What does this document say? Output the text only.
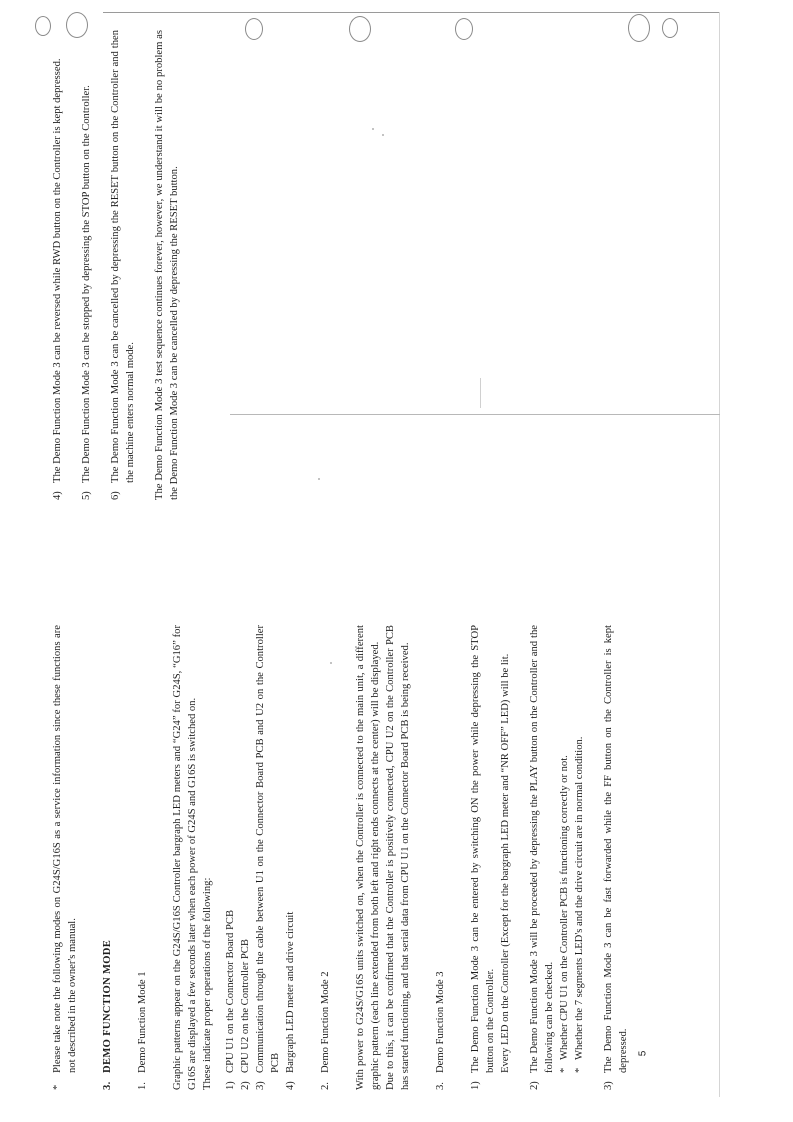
*
Please take note the following modes on G24S/G16S as a service information since these functions are not described in the owner's manual.
3.
DEMO FUNCTION MODE
1.
Demo Function Mode 1 Graphic patterns appear on the G24S/G16S Controller bargraph LED meters and “G24” for G24S, “G16” for G16S are displayed a few seconds later when each power of G24S and G16S is switched on. These indicate proper operations of the following: 1)
CPU U1 on the Connector Board PCB
2)
CPU U2 on the Controller PCB
3)
Communication through the cable between U1 on the Connector Board PCB and U2 on the Controller PCB
4)
Bargraph LED meter and drive circuit
2.
Demo Function Mode 2 With power to G24S/G16S units switched on, when the Controller is connected to the main unit, a different graphic pattern (each line extended from both left and right ends connects at the center) will be displayed. Due to this, it can be confirmed that the Controller is positively connected, CPU U2 on the Controller PCB has started functioning, and that serial data from CPU U1 on the Connector Board PCB is being received. 3.
Demo Function Mode 3
1)
The Demo Function Mode 3 can be entered by switching ON the power while depressing the STOP button on the Controller. Every LED on the Controller (Except for the bargraph LED meter and “NR OFF” LED) will be lit.
2)
The Demo Function Mode 3 will be proceeded by depressing the PLAY button on the Controller and the following can be checked. *
Whether CPU U1 on the Controller PCB is functioning correctly or not.
*
Whether the 7 segments LED's and the drive circuit are in normal condition.
3)
The Demo Function Mode 3 can be fast forwarded while the FF button on the Controller is kept depressed.
4)
The Demo Function Mode 3 can be reversed while RWD button on the Controller is kept depressed.
5)
The Demo Function Mode 3 can be stopped by depressing the STOP button on the Controller.
6)
The Demo Function Mode 3 can be cancelled by depressing the RESET button on the Controller and then the machine enters normal mode. The Demo Function Mode 3 test sequence continues forever, however, we understand it will be no problem as the Demo Function Mode 3 can be cancelled by depressing the RESET button.

5
